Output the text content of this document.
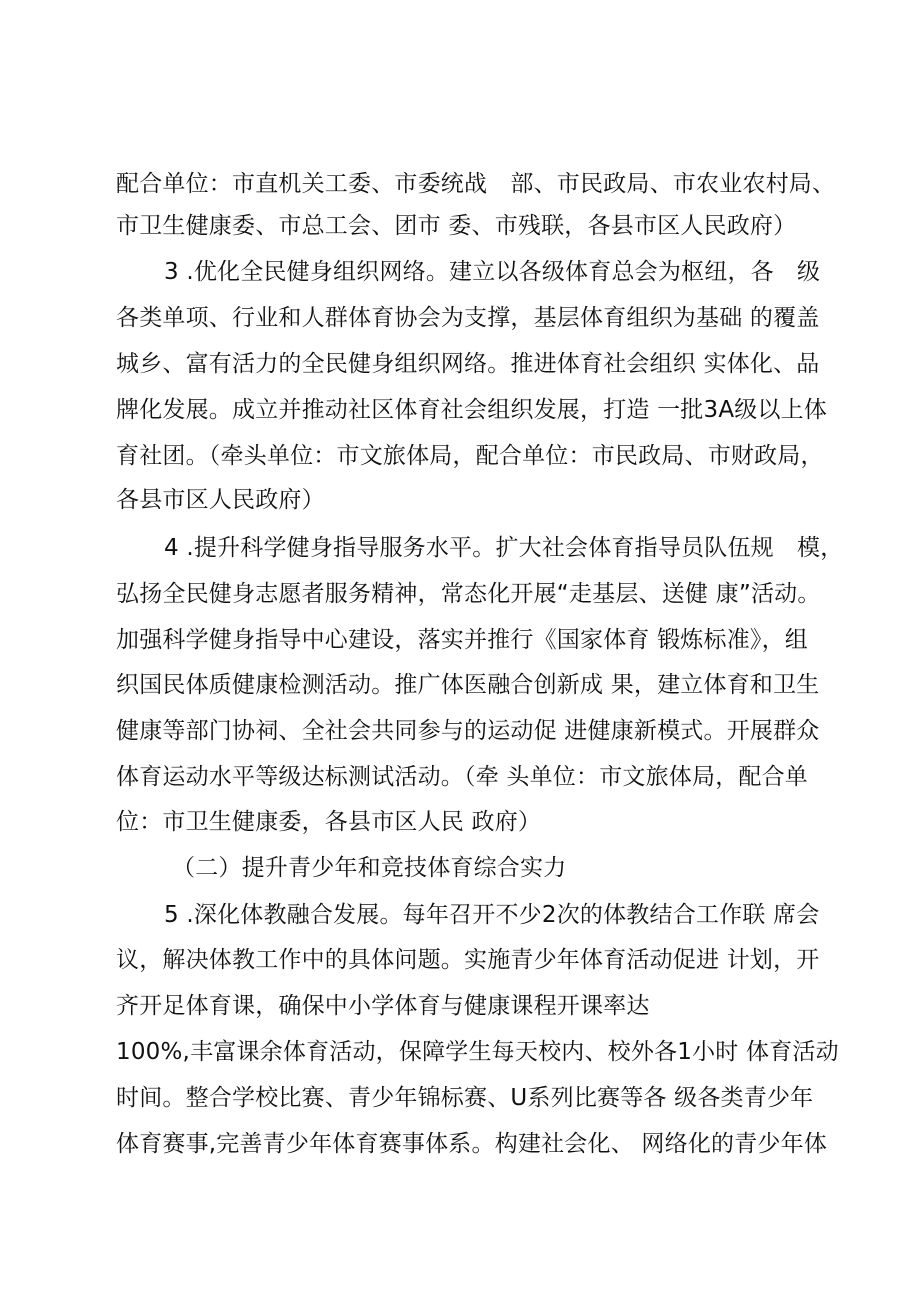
配合单位：市直机关工委、市委统战　部、市民政局、市农业农村局、
市卫生健康委、市总工会、团市 委、市残联，各县市区人民政府）
3 .优化全民健身组织网络。建立以各级体育总会为枢纽，各　级
各类单项、行业和人群体育协会为支撑，基层体育组织为基础 的覆盖
城乡、富有活力的全民健身组织网络。推进体育社会组织 实体化、品
牌化发展。成立并推动社区体育社会组织发展，打造 一批3A级以上体
育社团。（牵头单位：市文旅体局，配合单位：市民政局、市财政局，
各县市区人民政府）
4 .提升科学健身指导服务水平。扩大社会体育指导员队伍规　模，
弘扬全民健身志愿者服务精神，常态化开展“走基层、送健 康”活动。
加强科学健身指导中心建设，落实并推行《国家体育 锻炼标准》，组
织国民体质健康检测活动。推广体医融合创新成 果，建立体育和卫生
健康等部门协祠、全社会共同参与的运动促 进健康新模式。开展群众
体育运动水平等级达标测试活动。（牵 头单位：市文旅体局，配合单
位：市卫生健康委，各县市区人民 政府）
（二）提升青少年和竞技体育综合实力
5 .深化体教融合发展。每年召开不少2次的体教结合工作联 席会
议，解决体教工作中的具体问题。实施青少年体育活动促进 计划，开
齐开足体育课，确保中小学体育与健康课程开课率达
100%,丰富课余体育活动，保障学生每天校内、校外各1小时 体育活动
时间。整合学校比赛、青少年锦标赛、U系列比赛等各 级各类青少年
体育赛事,完善青少年体育赛事体系。构建社会化、 网络化的青少年体
